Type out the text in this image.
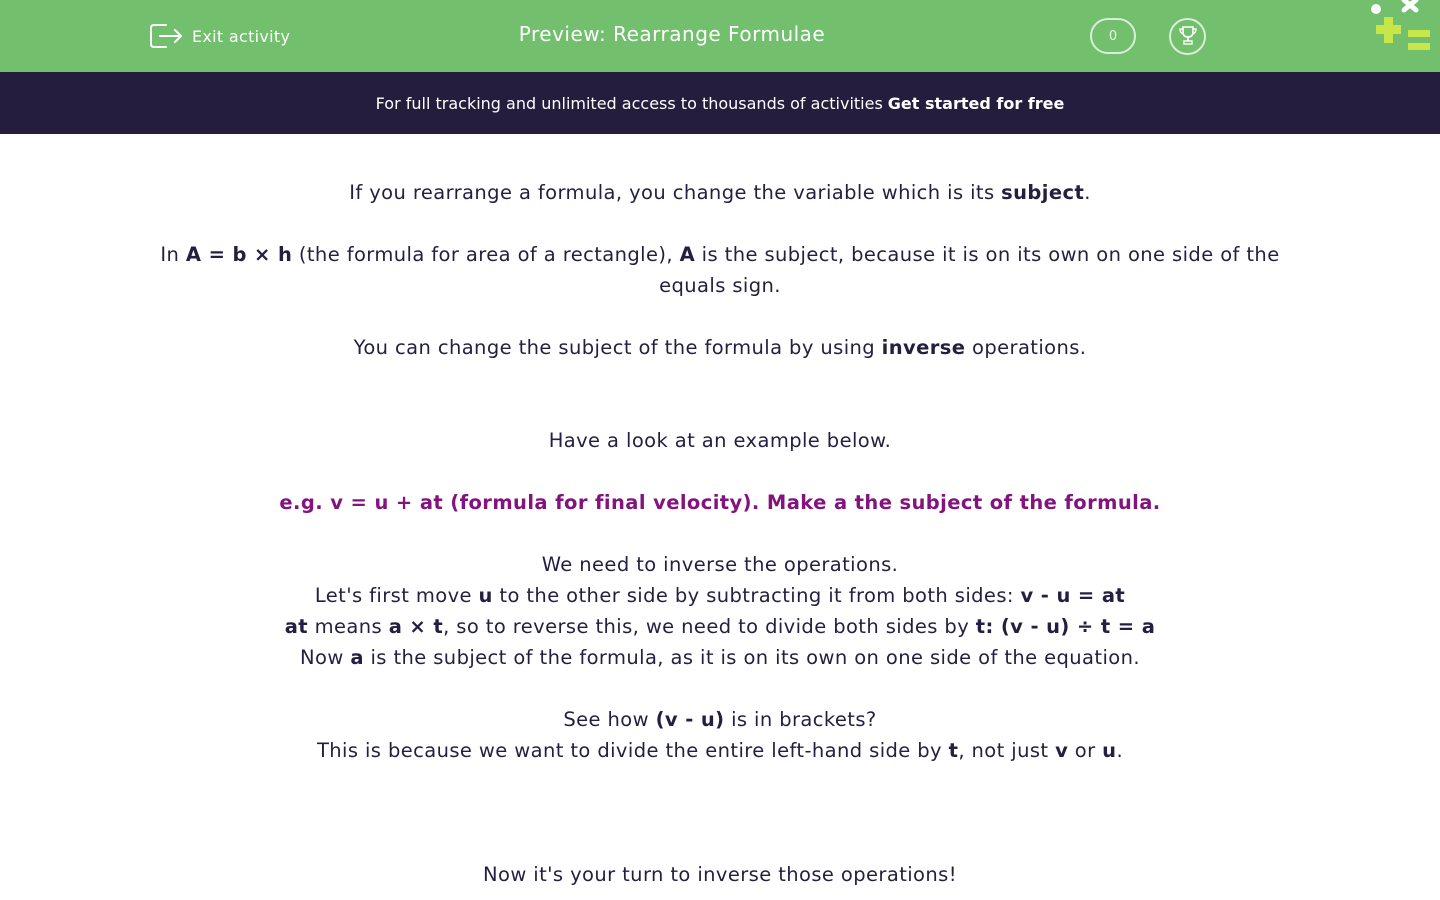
Exit activity	Preview: Rearrange Formulae	0
For full tracking and unlimited access to thousands of activities Get started for free

If you rearrange a formula, you change the variable which is its subject.

In A = b × h (the formula for area of a rectangle), A is the subject, because it is on its own on one side of the equals sign.

You can change the subject of the formula by using inverse operations.

Have a look at an example below.

e.g. v = u + at (formula for final velocity). Make a the subject of the formula.

We need to inverse the operations.

Let's first move u to the other side by subtracting it from both sides: v - u = at

at means a × t, so to reverse this, we need to divide both sides by t: (v - u) ÷ t = a

Now a is the subject of the formula, as it is on its own on one side of the equation.

See how (v - u) is in brackets?

This is because we want to divide the entire left-hand side by t, not just v or u.

Now it's your turn to inverse those operations!
